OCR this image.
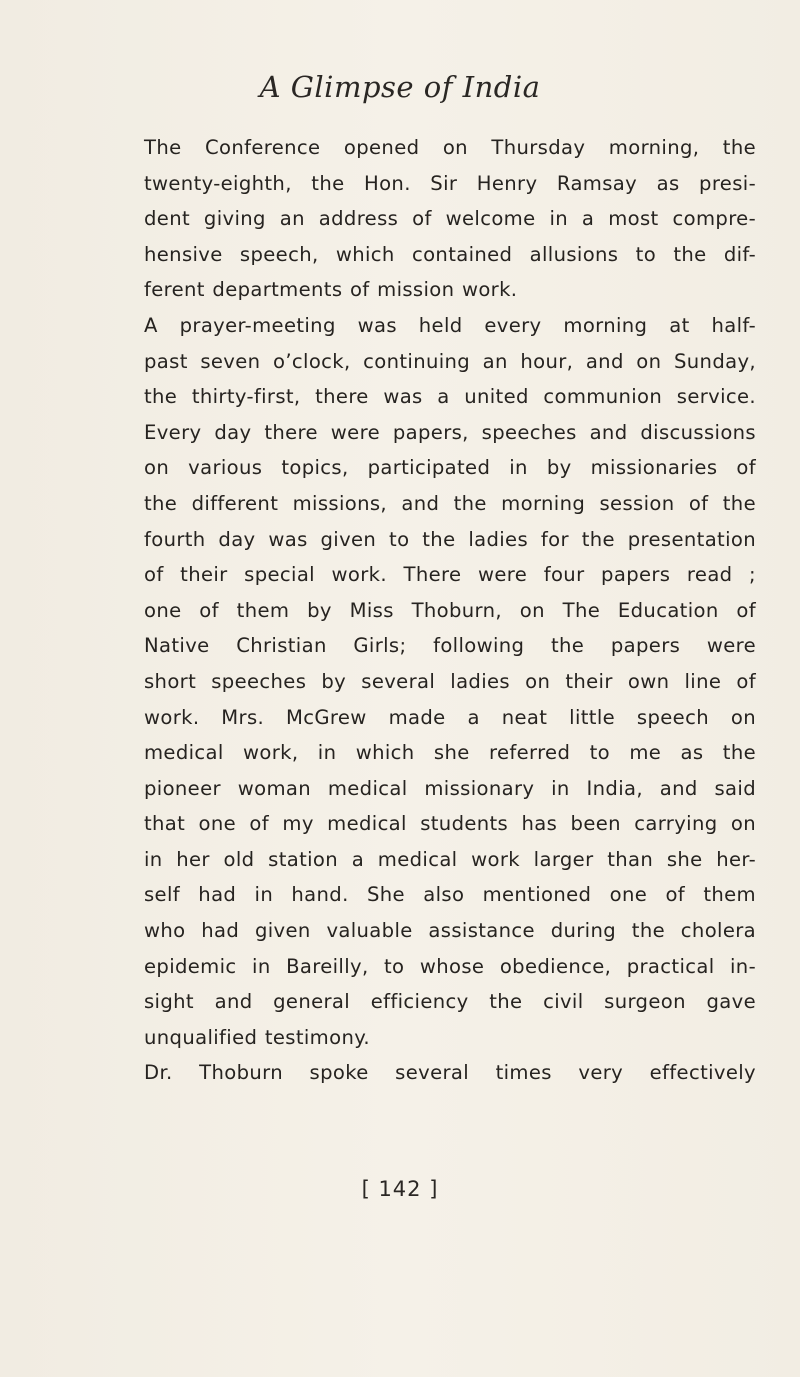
A Glimpse of India
The Conference opened on Thursday morning, the
twenty-eighth, the Hon. Sir Henry Ramsay as presi-
dent giving an address of welcome in a most compre-
hensive speech, which contained allusions to the dif-
ferent departments of mission work.
A prayer-meeting was held every morning at half-
past seven o’clock, continuing an hour, and on Sunday,
the thirty-first, there was a united communion service.
Every day there were papers, speeches and discussions
on various topics, participated in by missionaries of
the different missions, and the morning session of the
fourth day was given to the ladies for the presentation
of their special work. There were four papers read ;
one of them by Miss Thoburn, on The Education of
Native Christian Girls; following the papers were
short speeches by several ladies on their own line of
work. Mrs. McGrew made a neat little speech on
medical work, in which she referred to me as the
pioneer woman medical missionary in India, and said
that one of my medical students has been carrying on
in her old station a medical work larger than she her-
self had in hand. She also mentioned one of them
who had given valuable assistance during the cholera
epidemic in Bareilly, to whose obedience, practical in-
sight and general efficiency the civil surgeon gave
unqualified testimony.
Dr. Thoburn spoke several times very effectively
[ 142 ]
